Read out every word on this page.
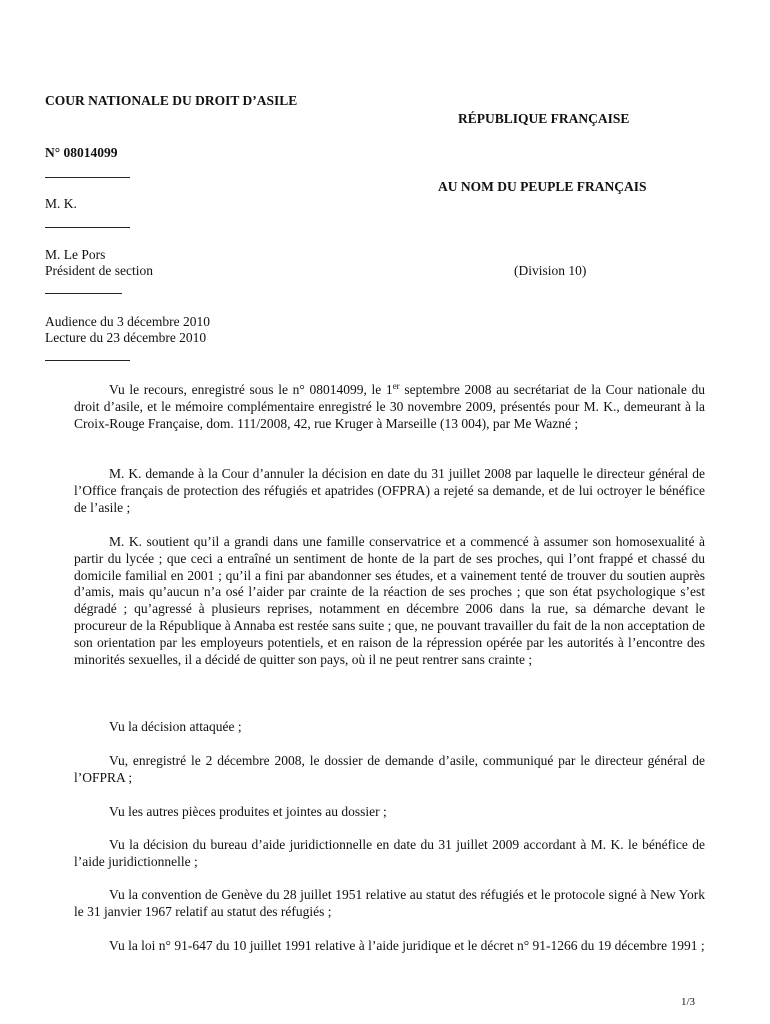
COUR NATIONALE DU DROIT D’ASILE
RÉPUBLIQUE FRANÇAISE
N° 08014099
AU NOM DU PEUPLE FRANÇAIS
M. K.
M. Le Pors
Président de section	(Division 10)
Audience du 3 décembre 2010
Lecture du 23 décembre 2010

Vu le recours, enregistré sous le n° 08014099, le 1er septembre 2008 au secrétariat de la Cour nationale du droit d’asile, et le mémoire complémentaire enregistré le 30 novembre 2009, présentés pour M. K., demeurant à la Croix-Rouge Française, dom. 111/2008, 42, rue Kruger à Marseille (13 004), par Me Wazné ;

M. K. demande à la Cour d’annuler la décision en date du 31 juillet 2008 par laquelle le directeur général de l’Office français de protection des réfugiés et apatrides (OFPRA) a rejeté sa demande, et de lui octroyer le bénéfice de l’asile ;

M. K. soutient qu’il a grandi dans une famille conservatrice et a commencé à assumer son homosexualité à partir du lycée ; que ceci a entraîné un sentiment de honte de la part de ses proches, qui l’ont frappé et chassé du domicile familial en 2001 ; qu’il a fini par abandonner ses études, et a vainement tenté de trouver du soutien auprès d’amis, mais qu’aucun n’a osé l’aider par crainte de la réaction de ses proches ; que son état psychologique s’est dégradé ; qu’agressé à plusieurs reprises, notamment en décembre 2006 dans la rue, sa démarche devant le procureur de la République à Annaba est restée sans suite ; que, ne pouvant travailler du fait de la non acceptation de son orientation par les employeurs potentiels, et en raison de la répression opérée par les autorités à l’encontre des minorités sexuelles, il a décidé de quitter son pays, où il ne peut rentrer sans crainte ;

Vu la décision attaquée ;

Vu, enregistré le 2 décembre 2008, le dossier de demande d’asile, communiqué par le directeur général de l’OFPRA ;

Vu les autres pièces produites et jointes au dossier ;

Vu la décision du bureau d’aide juridictionnelle en date du 31 juillet 2009 accordant à M. K. le bénéfice de l’aide juridictionnelle ;

Vu la convention de Genève du 28 juillet 1951 relative au statut des réfugiés et le protocole signé à New York le 31 janvier 1967 relatif au statut des réfugiés ;

Vu la loi n° 91-647 du 10 juillet 1991 relative à l’aide juridique et le décret n° 91-1266 du 19 décembre 1991 ;

1/3
